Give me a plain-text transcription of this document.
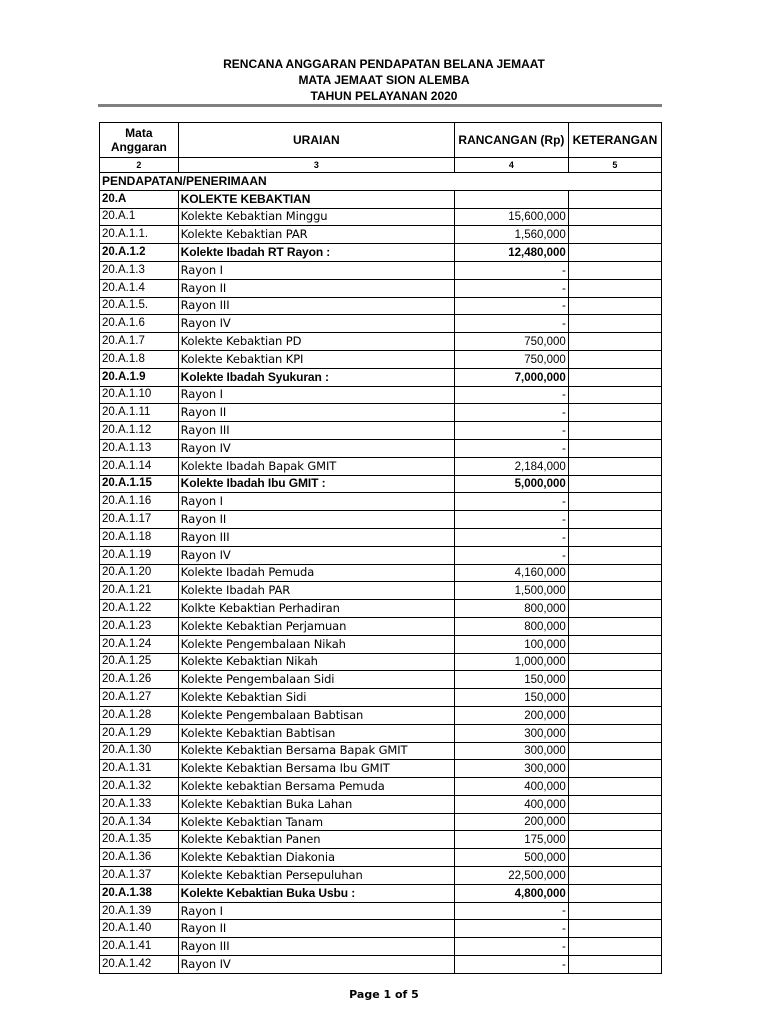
RENCANA ANGGARAN PENDAPATAN BELANA JEMAAT
MATA JEMAAT SION ALEMBA
TAHUN PELAYANAN 2020
Mata Anggaran	URAIAN	RANCANGAN (Rp)	KETERANGAN
2	3	4	5
PENDAPATAN/PENERIMAAN			
20.A	KOLEKTE KEBAKTIAN		
20.A.1	Kolekte Kebaktian Minggu	15,600,000	
20.A.1.1.	Kolekte Kebaktian PAR	1,560,000	
20.A.1.2	Kolekte Ibadah RT Rayon :	12,480,000	
20.A.1.3	Rayon I	-	
20.A.1.4	Rayon II	-	
20.A.1.5.	Rayon III	-	
20.A.1.6	Rayon IV	-	
20.A.1.7	Kolekte Kebaktian PD	750,000	
20.A.1.8	Kolekte Kebaktian KPI	750,000	
20.A.1.9	Kolekte Ibadah Syukuran :	7,000,000	
20.A.1.10	Rayon I	-	
20.A.1.11	Rayon II	-	
20.A.1.12	Rayon III	-	
20.A.1.13	Rayon IV	-	
20.A.1.14	Kolekte Ibadah Bapak GMIT	2,184,000	
20.A.1.15	Kolekte Ibadah Ibu GMIT :	5,000,000	
20.A.1.16	Rayon I	-	
20.A.1.17	Rayon II	-	
20.A.1.18	Rayon III	-	
20.A.1.19	Rayon IV	-	
20.A.1.20	Kolekte Ibadah Pemuda	4,160,000	
20.A.1.21	Kolekte Ibadah PAR	1,500,000	
20.A.1.22	Kolkte Kebaktian Perhadiran	800,000	
20.A.1.23	Kolekte Kebaktian Perjamuan	800,000	
20.A.1.24	Kolekte Pengembalaan Nikah	100,000	
20.A.1.25	Kolekte Kebaktian Nikah	1,000,000	
20.A.1.26	Kolekte Pengembalaan Sidi	150,000	
20.A.1.27	Kolekte Kebaktian Sidi	150,000	
20.A.1.28	Kolekte Pengembalaan Babtisan	200,000	
20.A.1.29	Kolekte Kebaktian Babtisan	300,000	
20.A.1.30	Kolekte Kebaktian Bersama Bapak GMIT	300,000	
20.A.1.31	Kolekte Kebaktian Bersama Ibu GMIT	300,000	
20.A.1.32	Kolekte kebaktian Bersama Pemuda	400,000	
20.A.1.33	Kolekte Kebaktian Buka Lahan	400,000	
20.A.1.34	Kolekte Kebaktian Tanam	200,000	
20.A.1.35	Kolekte Kebaktian Panen	175,000	
20.A.1.36	Kolekte Kebaktian Diakonia	500,000	
20.A.1.37	Kolekte Kebaktian Persepuluhan	22,500,000	
20.A.1.38	Kolekte Kebaktian Buka Usbu :	4,800,000	
20.A.1.39	Rayon I	-	
20.A.1.40	Rayon II	-	
20.A.1.41	Rayon III	-	
20.A.1.42	Rayon IV	-	
Page 1 of 5
